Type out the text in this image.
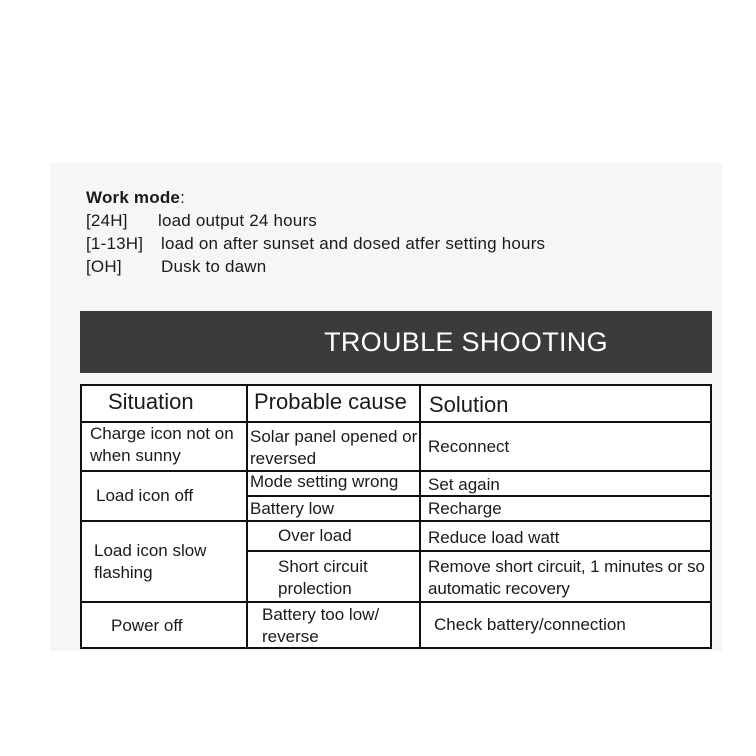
Work mode:
[24H] load output 24 hours
[1-13H] load on after sunset and dosed atfer setting hours
[OH] Dusk to dawn
TROUBLE SHOOTING
Situation	Probable cause Solution
Charge icon not on when sunny
Load icon off
Load icon slow flashing
Power off
Solar panel opened or reversed
Mode setting wrong
Battery low
Over load
Short circuit prolection
Battery too low/ reverse
Reconnect
Set again
Recharge
Reduce load watt
Remove short circuit, 1 minutes or so automatic recovery
Check battery/connection
